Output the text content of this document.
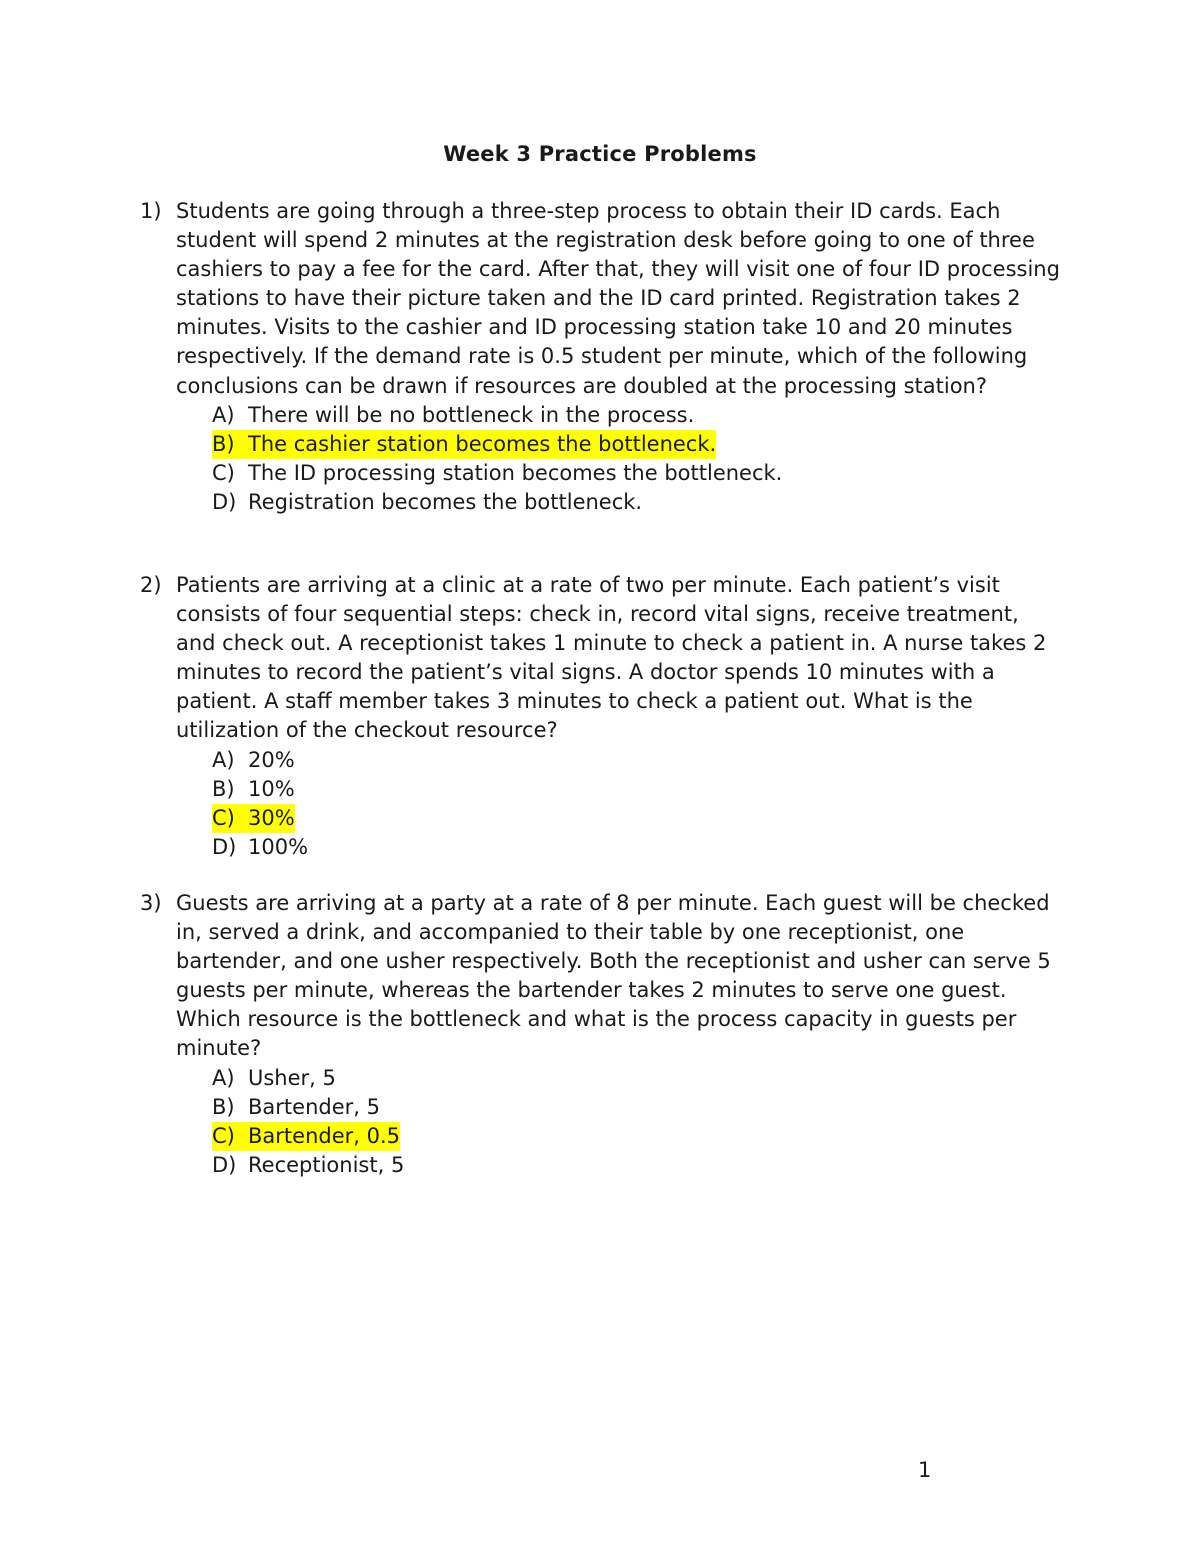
Week 3 Practice Problems
1) Students are going through a three-step process to obtain their ID cards. Each student will spend 2 minutes at the registration desk before going to one of three cashiers to pay a fee for the card. After that, they will visit one of four ID processing stations to have their picture taken and the ID card printed. Registration takes 2 minutes. Visits to the cashier and ID processing station take 10 and 20 minutes respectively. If the demand rate is 0.5 student per minute, which of the following conclusions can be drawn if resources are doubled at the processing station?
A) There will be no bottleneck in the process.
B) The cashier station becomes the bottleneck.
C) The ID processing station becomes the bottleneck.
D) Registration becomes the bottleneck.
2) Patients are arriving at a clinic at a rate of two per minute. Each patient’s visit consists of four sequential steps: check in, record vital signs, receive treatment, and check out. A receptionist takes 1 minute to check a patient in. A nurse takes 2 minutes to record the patient’s vital signs. A doctor spends 10 minutes with a patient. A staff member takes 3 minutes to check a patient out. What is the utilization of the checkout resource?
A) 20%
B) 10%
C) 30%
D) 100%
3) Guests are arriving at a party at a rate of 8 per minute. Each guest will be checked in, served a drink, and accompanied to their table by one receptionist, one bartender, and one usher respectively. Both the receptionist and usher can serve 5 guests per minute, whereas the bartender takes 2 minutes to serve one guest. Which resource is the bottleneck and what is the process capacity in guests per minute?
A) Usher, 5
B) Bartender, 5
C) Bartender, 0.5
D) Receptionist, 5
1
